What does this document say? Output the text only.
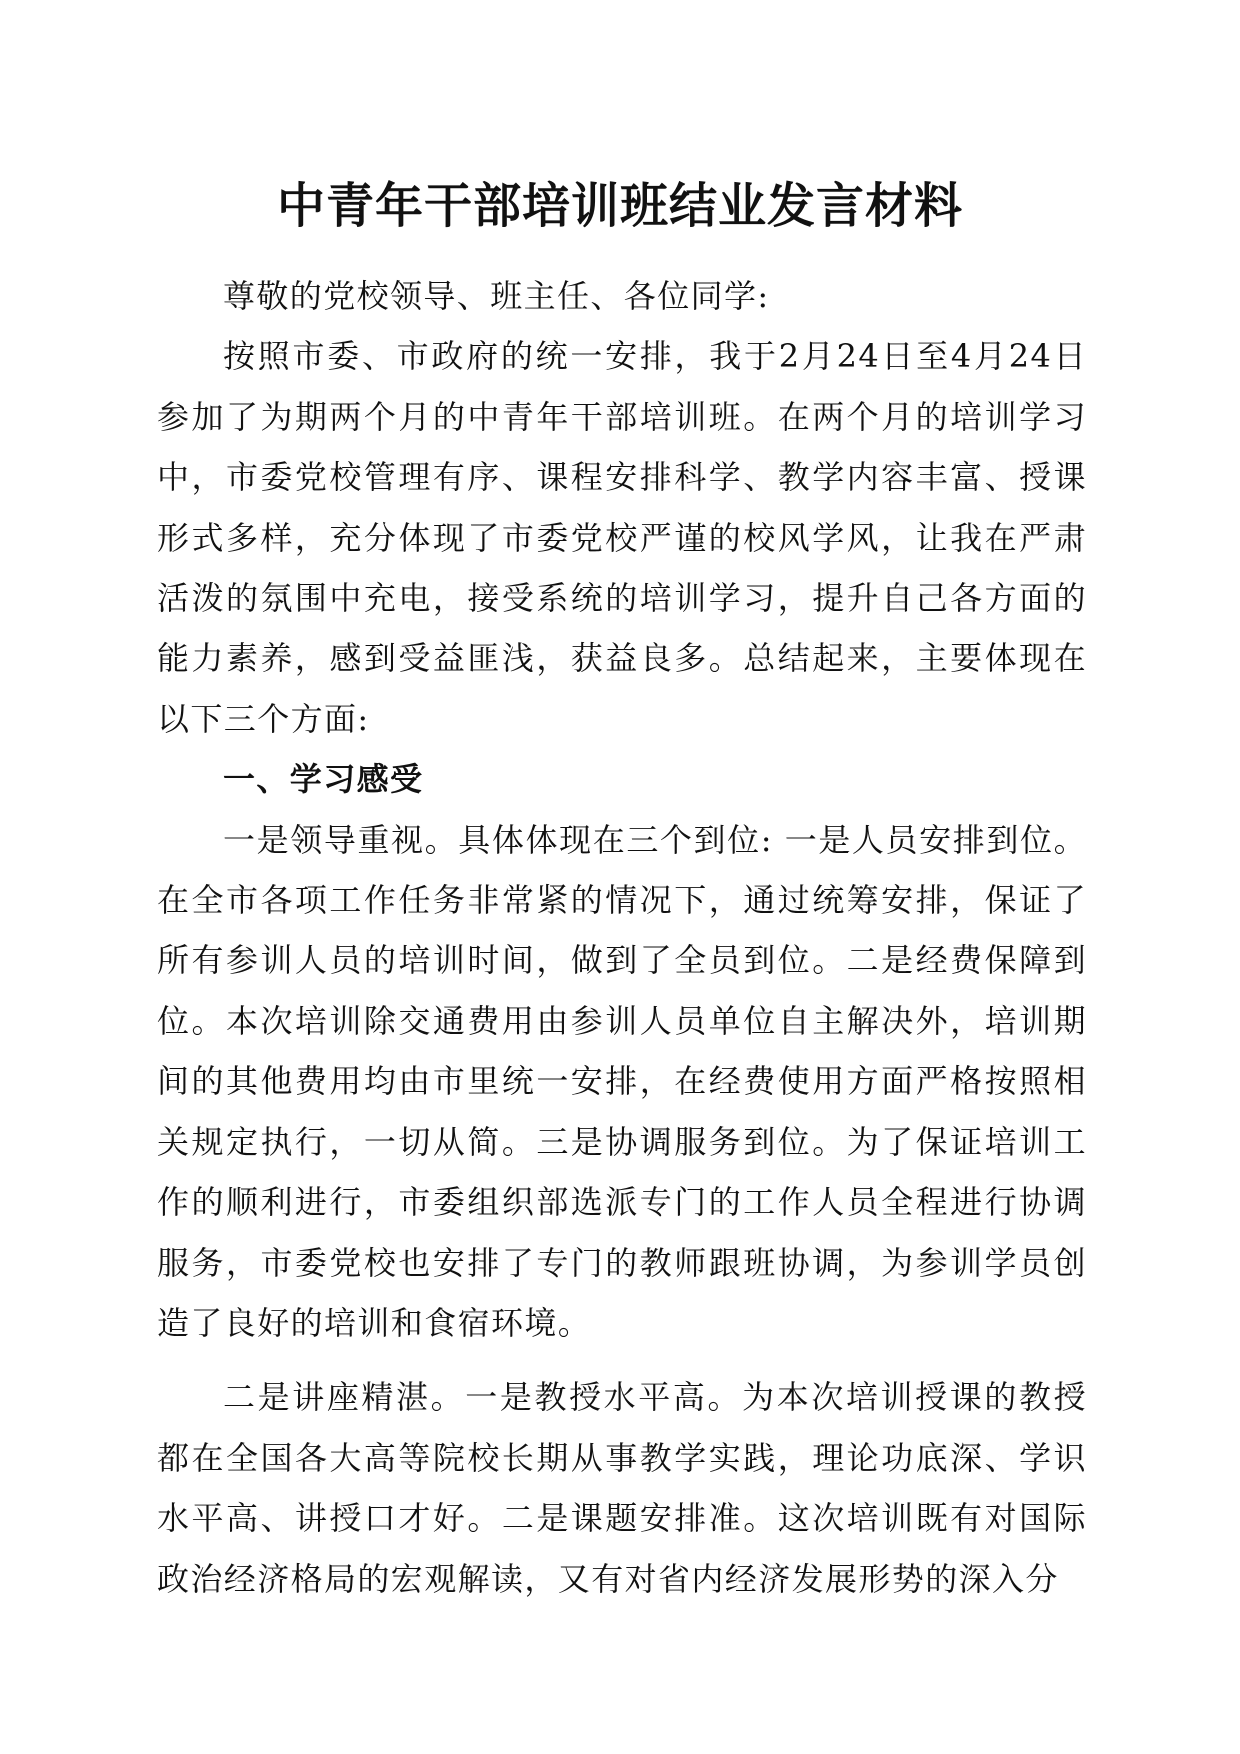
中青年干部培训班结业发言材料

尊敬的党校领导、班主任、各位同学:

按照市委、市政府的统一安排，我于2月24日至4月24日参加了为期两个月的中青年干部培训班。在两个月的培训学习中，市委党校管理有序、课程安排科学、教学内容丰富、授课形式多样，充分体现了市委党校严谨的校风学风，让我在严肃活泼的氛围中充电，接受系统的培训学习，提升自己各方面的能力素养，感到受益匪浅，获益良多。总结起来，主要体现在以下三个方面:

一、学习感受

一是领导重视。具体体现在三个到位: 一是人员安排到位。在全市各项工作任务非常紧的情况下，通过统筹安排，保证了所有参训人员的培训时间，做到了全员到位。二是经费保障到位。本次培训除交通费用由参训人员单位自主解决外，培训期间的其他费用均由市里统一安排，在经费使用方面严格按照相关规定执行，一切从简。三是协调服务到位。为了保证培训工作的顺利进行，市委组织部选派专门的工作人员全程进行协调服务，市委党校也安排了专门的教师跟班协调，为参训学员创造了良好的培训和食宿环境。

二是讲座精湛。一是教授水平高。为本次培训授课的教授都在全国各大高等院校长期从事教学实践，理论功底深、学识水平高、讲授口才好。二是课题安排准。这次培训既有对国际政治经济格局的宏观解读，又有对省内经济发展形势的深入分
